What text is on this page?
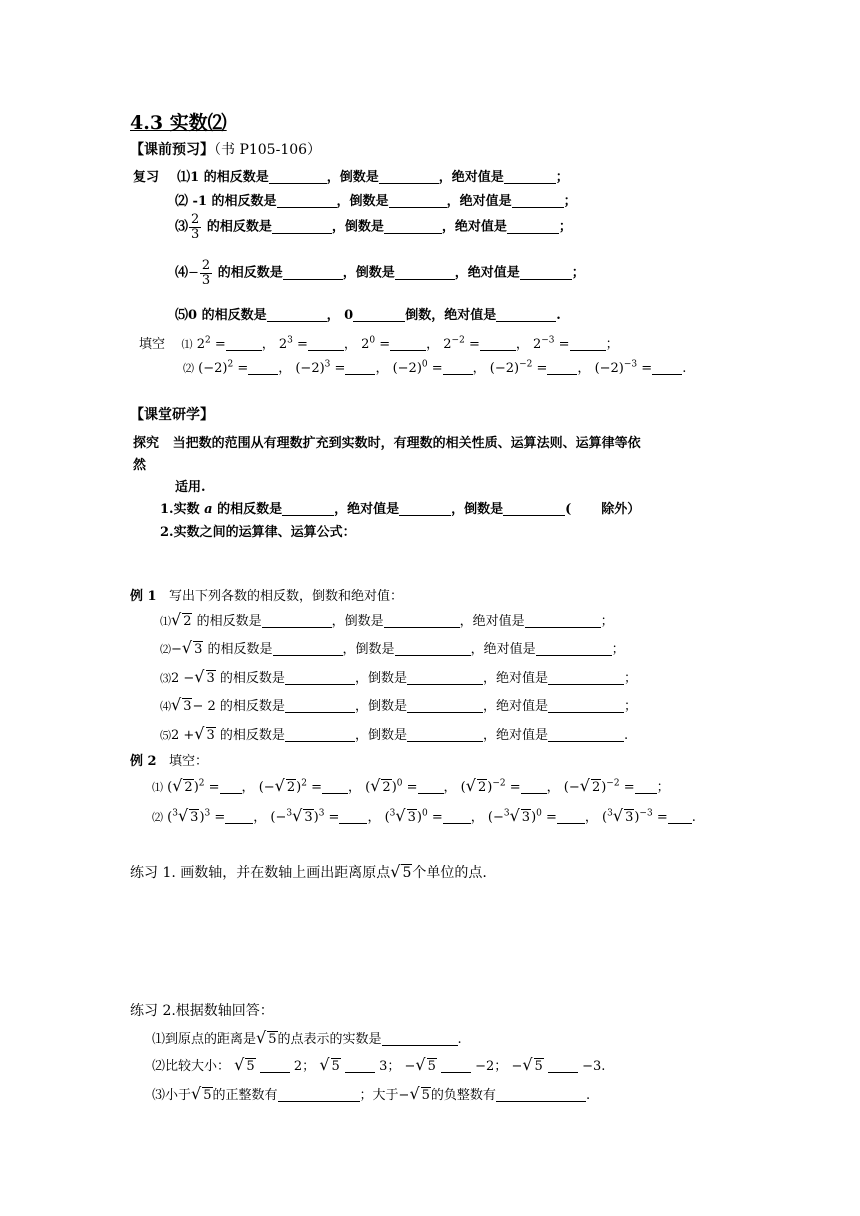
4.3 实数⑵
【课前预习】（书 P105-106）
复习 ⑴1 的相反数是	，倒数是	，绝对值是	；
⑵ -1 的相反数是	，倒数是	，绝对值是	；
⑶ $\frac{2}{3}$ 的相反数是	，倒数是	，绝对值是	；
⑷− $\frac{2}{3}$ 的相反数是	，倒数是	，绝对值是	；
⑸0 的相反数是	， 0	倒数，绝对值是	.
填空 ⑴ $2^2$ =	， $2^3$ =	， $2^0$ =	， $2^{-2}$ =	， $2^{-3}$ =	；
⑵ $(-2)^2$ = ， $(-2)^3$ = ， $(-2)^0$ = ， $(-2)^{-2}$ = ， $(-2)^{-3}$ = .
【课堂研学】
探究 当把数的范围从有理数扩充到实数时，有理数的相关性质、运算法则、运算律等依
然
适用.
1.实数 a 的相反数是	，绝对值是	，倒数是	( 除外）
2.实数之间的运算律、运算公式：
例 1 写出下列各数的相反数，倒数和绝对值：
⑴√ 2 的相反数是	，倒数是	，绝对值是	；
⑵−√ 3 的相反数是	，倒数是	，绝对值是	；
⑶2 −√ 3 的相反数是	，倒数是	，绝对值是	；
⑷√ 3− 2 的相反数是	，倒数是	，绝对值是	；
⑸2 +√ 3 的相反数是	，倒数是	，绝对值是	.
例 2 填空：
⑴ (√ 2)$^2$ = ， (−√ 2)$^2$ = ， (√ 2)$^0$ = ， (√ 2)$^{-2}$ = ， (−√ 2)$^{-2}$ = ；
⑵ ($^3$√ 3)$^3$ = ， (−$^3$√ 3)$^3$ = ， ($^3$√ 3)$^0$ = ， (−$^3$√ 3)$^0$ = ， ($^3$√ 3)$^{-3}$ = .
练习 1. 画数轴，并在数轴上画出距离原点√ 5个单位的点.
练习 2.根据数轴回答：
⑴到原点的距离是√ 5的点表示的实数是	.
⑵比较大小： √ 5	2； √ 5	3； −√ 5	−2； −√ 5	−3.
⑶小于√ 5的正整数有	；大于−√ 5的负整数有	.
